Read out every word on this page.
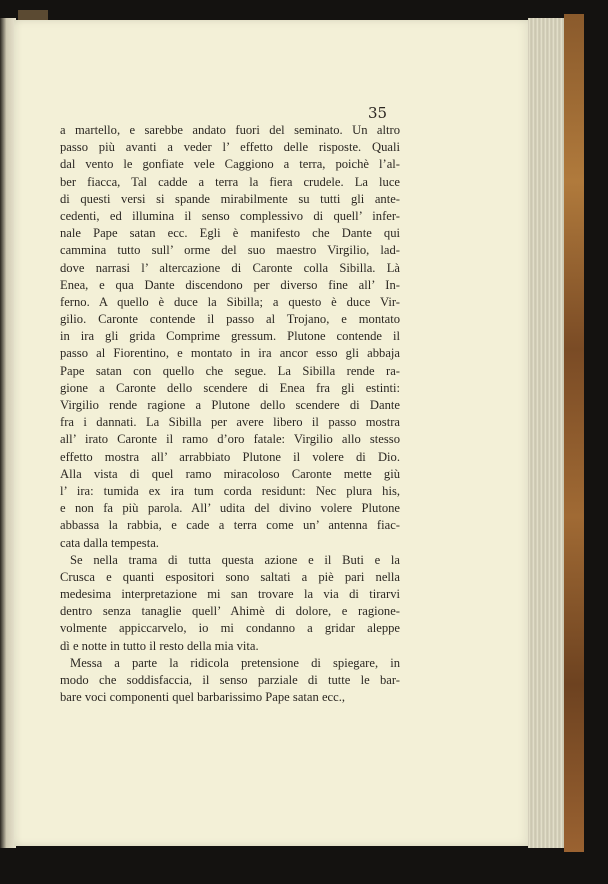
35
a martello, e sarebbe andato fuori del seminato. Un altro
passo più avanti a veder l’ effetto delle risposte. Quali
dal vento le gonfiate vele Caggiono a terra, poichè l’al-
ber fiacca, Tal cadde a terra la fiera crudele. La luce
di questi versi si spande mirabilmente su tutti gli ante-
cedenti, ed illumina il senso complessivo di quell’ infer-
nale Pape satan ecc. Egli è manifesto che Dante qui
cammina tutto sull’ orme del suo maestro Virgilio, lad-
dove narrasi l’ altercazione di Caronte colla Sibilla. Là
Enea, e qua Dante discendono per diverso fine all’ In-
ferno. A quello è duce la Sibilla; a questo è duce Vir-
gilio. Caronte contende il passo al Trojano, e montato
in ira gli grida Comprime gressum. Plutone contende il
passo al Fiorentino, e montato in ira ancor esso gli abbaja
Pape satan con quello che segue. La Sibilla rende ra-
gione a Caronte dello scendere di Enea fra gli estinti:
Virgilio rende ragione a Plutone dello scendere di Dante
fra i dannati. La Sibilla per avere libero il passo mostra
all’ irato Caronte il ramo d’oro fatale: Virgilio allo stesso
effetto mostra all’ arrabbiato Plutone il volere di Dio.
Alla vista di quel ramo miracoloso Caronte mette giù
l’ ira: tumida ex ira tum corda residunt: Nec plura his,
e non fa più parola. All’ udita del divino volere Plutone
abbassa la rabbia, e cade a terra come un’ antenna fiac-
cata dalla tempesta.
Se nella trama di tutta questa azione e il Buti e la
Crusca e quanti espositori sono saltati a piè pari nella
medesima interpretazione mi san trovare la via di tirarvi
dentro senza tanaglie quell’ Ahimè di dolore, e ragione-
volmente appiccarvelo, io mi condanno a gridar aleppe
dì e notte in tutto il resto della mia vita.
Messa a parte la ridicola pretensione di spiegare, in
modo che soddisfaccia, il senso parziale di tutte le bar-
bare voci componenti quel barbarissimo Pape satan ecc.,
